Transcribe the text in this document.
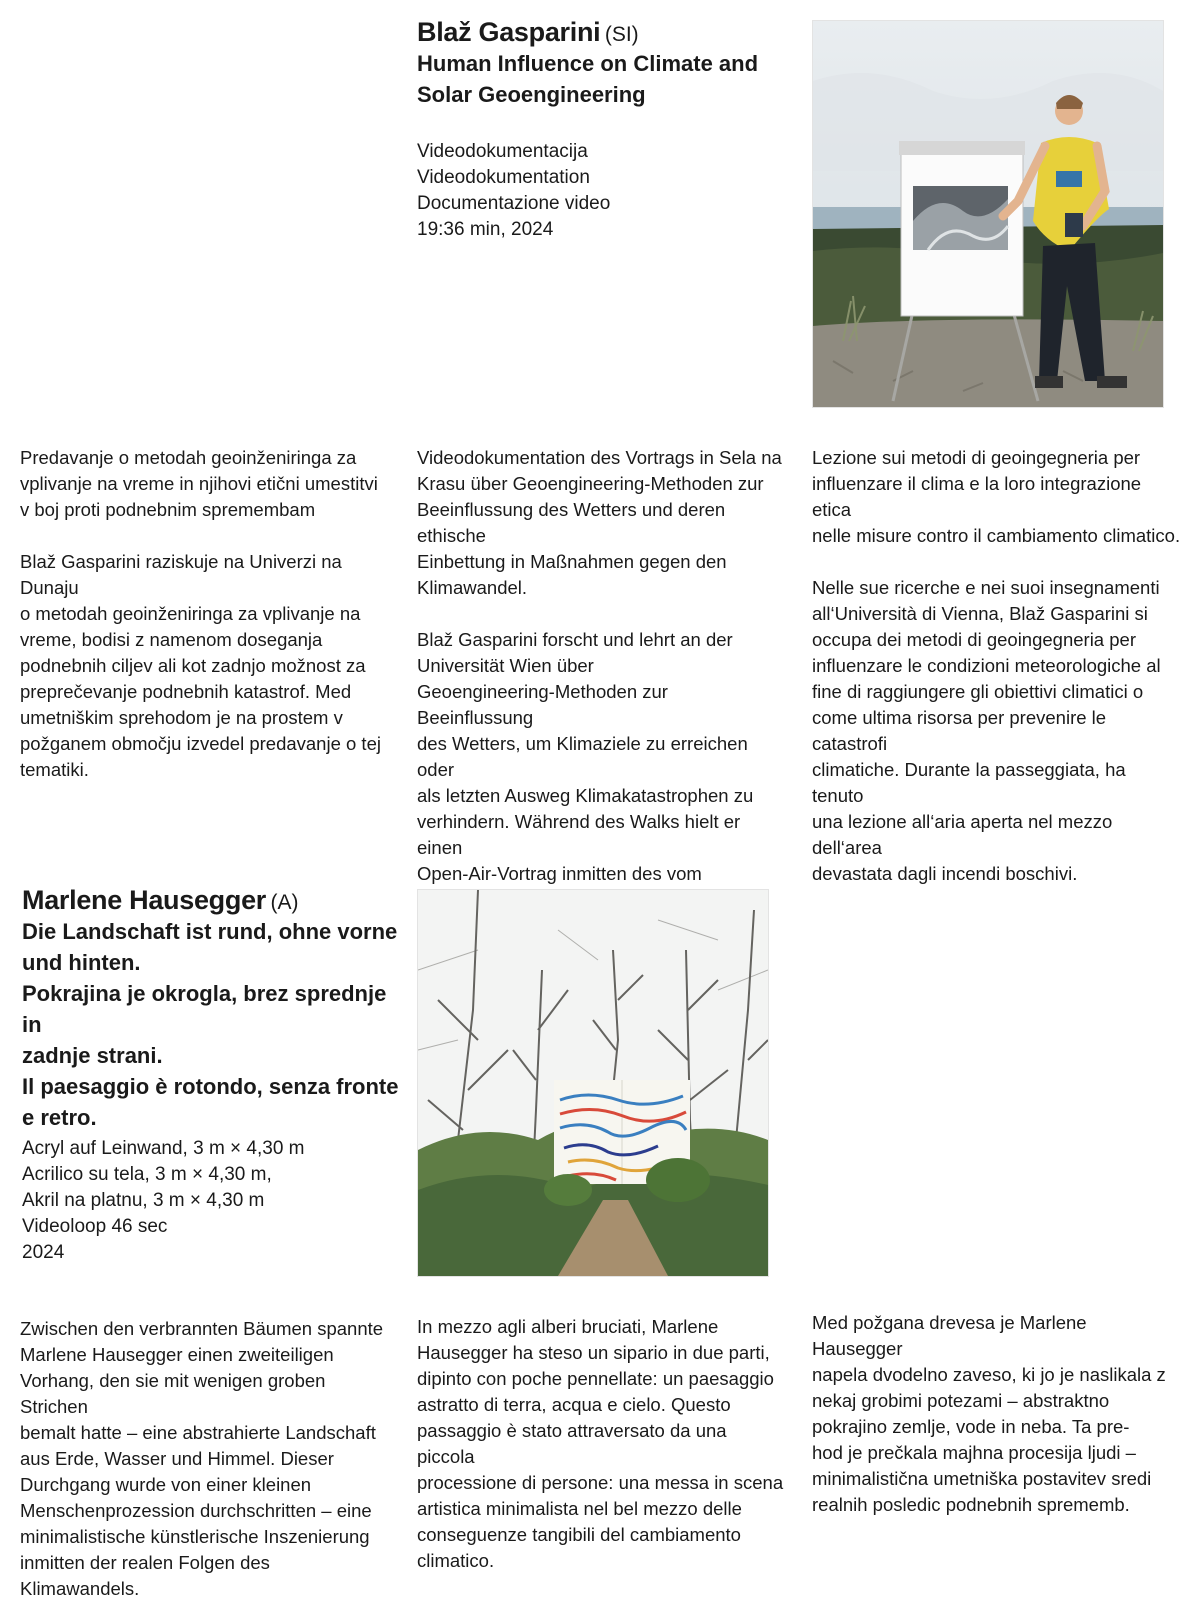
Blaž Gasparini (SI)
Human Influence on Climate and
Solar Geoengineering
Videodokumentacija
Videodokumentation
Documentazione video
19:36 min, 2024
Predavanje o metodah geoinženiringa za
vplivanje na vreme in njihovi etični umestitvi
v boj proti podnebnim spremembam

Blaž Gasparini raziskuje na Univerzi na Dunaju
o metodah geoinženiringa za vplivanje na
vreme, bodisi z namenom doseganja
podnebnih ciljev ali kot zadnjo možnost za
preprečevanje podnebnih katastrof. Med
umetniškim sprehodom je na prostem v
požganem območju izvedel predavanje o tej
tematiki.
Videodokumentation des Vortrags in Sela na
Krasu über Geoengineering-Methoden zur
Beeinflussung des Wetters und deren ethische
Einbettung in Maßnahmen gegen den
Klimawandel.

Blaž Gasparini forscht und lehrt an der
Universität Wien über
Geoengineering-Methoden zur Beeinflussung
des Wetters, um Klimaziele zu erreichen oder
als letzten Ausweg Klimakatastrophen zu
verhindern. Während des Walks hielt er einen
Open-Air-Vortrag inmitten des vom

Lezione sui metodi di geoingegneria per
influenzare il clima e la loro integrazione etica
nelle misure contro il cambiamento climatico.

Nelle sue ricerche e nei suoi insegnamenti
all‘Università di Vienna, Blaž Gasparini si
occupa dei metodi di geoingegneria per
influenzare le condizioni meteorologiche al
fine di raggiungere gli obiettivi climatici o
come ultima risorsa per prevenire le catastrofi
climatiche. Durante la passeggiata, ha tenuto
una lezione all‘aria aperta nel mezzo dell‘area
devastata dagli incendi boschivi.
Marlene Hausegger (A)
Die Landschaft ist rund, ohne vorne
und hinten.
Pokrajina je okrogla, brez sprednje in
zadnje strani.
Il paesaggio è rotondo, senza fronte
e retro.
Acryl auf Leinwand, 3 m × 4,30 m
Acrilico su tela, 3 m × 4,30 m,
Akril na platnu, 3 m × 4,30 m
Videoloop 46 sec
2024
Zwischen den verbrannten Bäumen spannte
Marlene Hausegger einen zweiteiligen
Vorhang, den sie mit wenigen groben Strichen
bemalt hatte – eine abstrahierte Landschaft
aus Erde, Wasser und Himmel. Dieser
Durchgang wurde von einer kleinen
Menschenprozession durchschritten – eine
minimalistische künstlerische Inszenierung
inmitten der realen Folgen des Klimawandels.
In mezzo agli alberi bruciati, Marlene
Hausegger ha steso un sipario in due parti,
dipinto con poche pennellate: un paesaggio
astratto di terra, acqua e cielo. Questo
passaggio è stato attraversato da una piccola
processione di persone: una messa in scena
artistica minimalista nel bel mezzo delle
conseguenze tangibili del cambiamento
climatico.
Med požgana drevesa je Marlene Hausegger
napela dvodelno zaveso, ki jo je naslikala z
nekaj grobimi potezami – abstraktno
pokrajino zemlje, vode in neba. Ta pre-
hod je prečkala majhna procesija ljudi –
minimalistična umetniška postavitev sredi
realnih posledic podnebnih sprememb.
